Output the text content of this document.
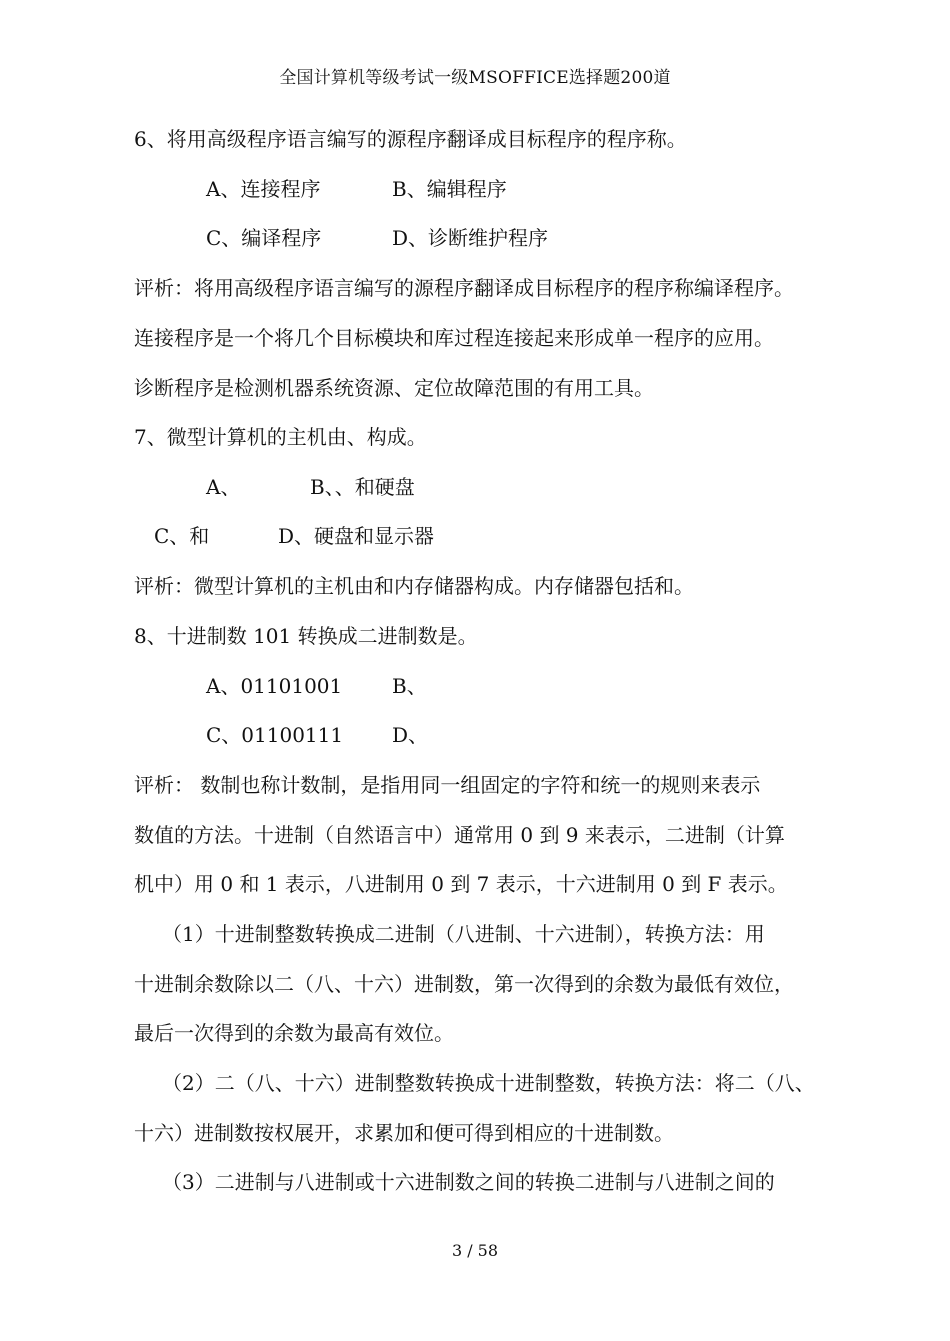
全国计算机等级考试一级MSOFFICE选择题200道
6、将用高级程序语言编写的源程序翻译成目标程序的程序称。
A、连接程序	B、编辑程序
C、编译程序	D、诊断维护程序
评析：将用高级程序语言编写的源程序翻译成目标程序的程序称编译程序。
连接程序是一个将几个目标模块和库过程连接起来形成单一程序的应用。
诊断程序是检测机器系统资源、定位故障范围的有用工具。
7、微型计算机的主机由、构成。
A、	B、、和硬盘
C、和	D、硬盘和显示器
评析：微型计算机的主机由和内存储器构成。内存储器包括和。
8、十进制数 101 转换成二进制数是。
A、01101001 B、
C、01100111 D、
评析： 数制也称计数制，是指用同一组固定的字符和统一的规则来表示
数值的方法。十进制（自然语言中）通常用 0 到 9 来表示，二进制（计算
机中）用 0 和 1 表示，八进制用 0 到 7 表示，十六进制用 0 到 F 表示。
（1）十进制整数转换成二进制（八进制、十六进制），转换方法：用
十进制余数除以二（八、十六）进制数，第一次得到的余数为最低有效位，
最后一次得到的余数为最高有效位。
（2）二（八、十六）进制整数转换成十进制整数，转换方法：将二（八、
十六）进制数按权展开，求累加和便可得到相应的十进制数。
（3）二进制与八进制或十六进制数之间的转换二进制与八进制之间的
3 / 58
